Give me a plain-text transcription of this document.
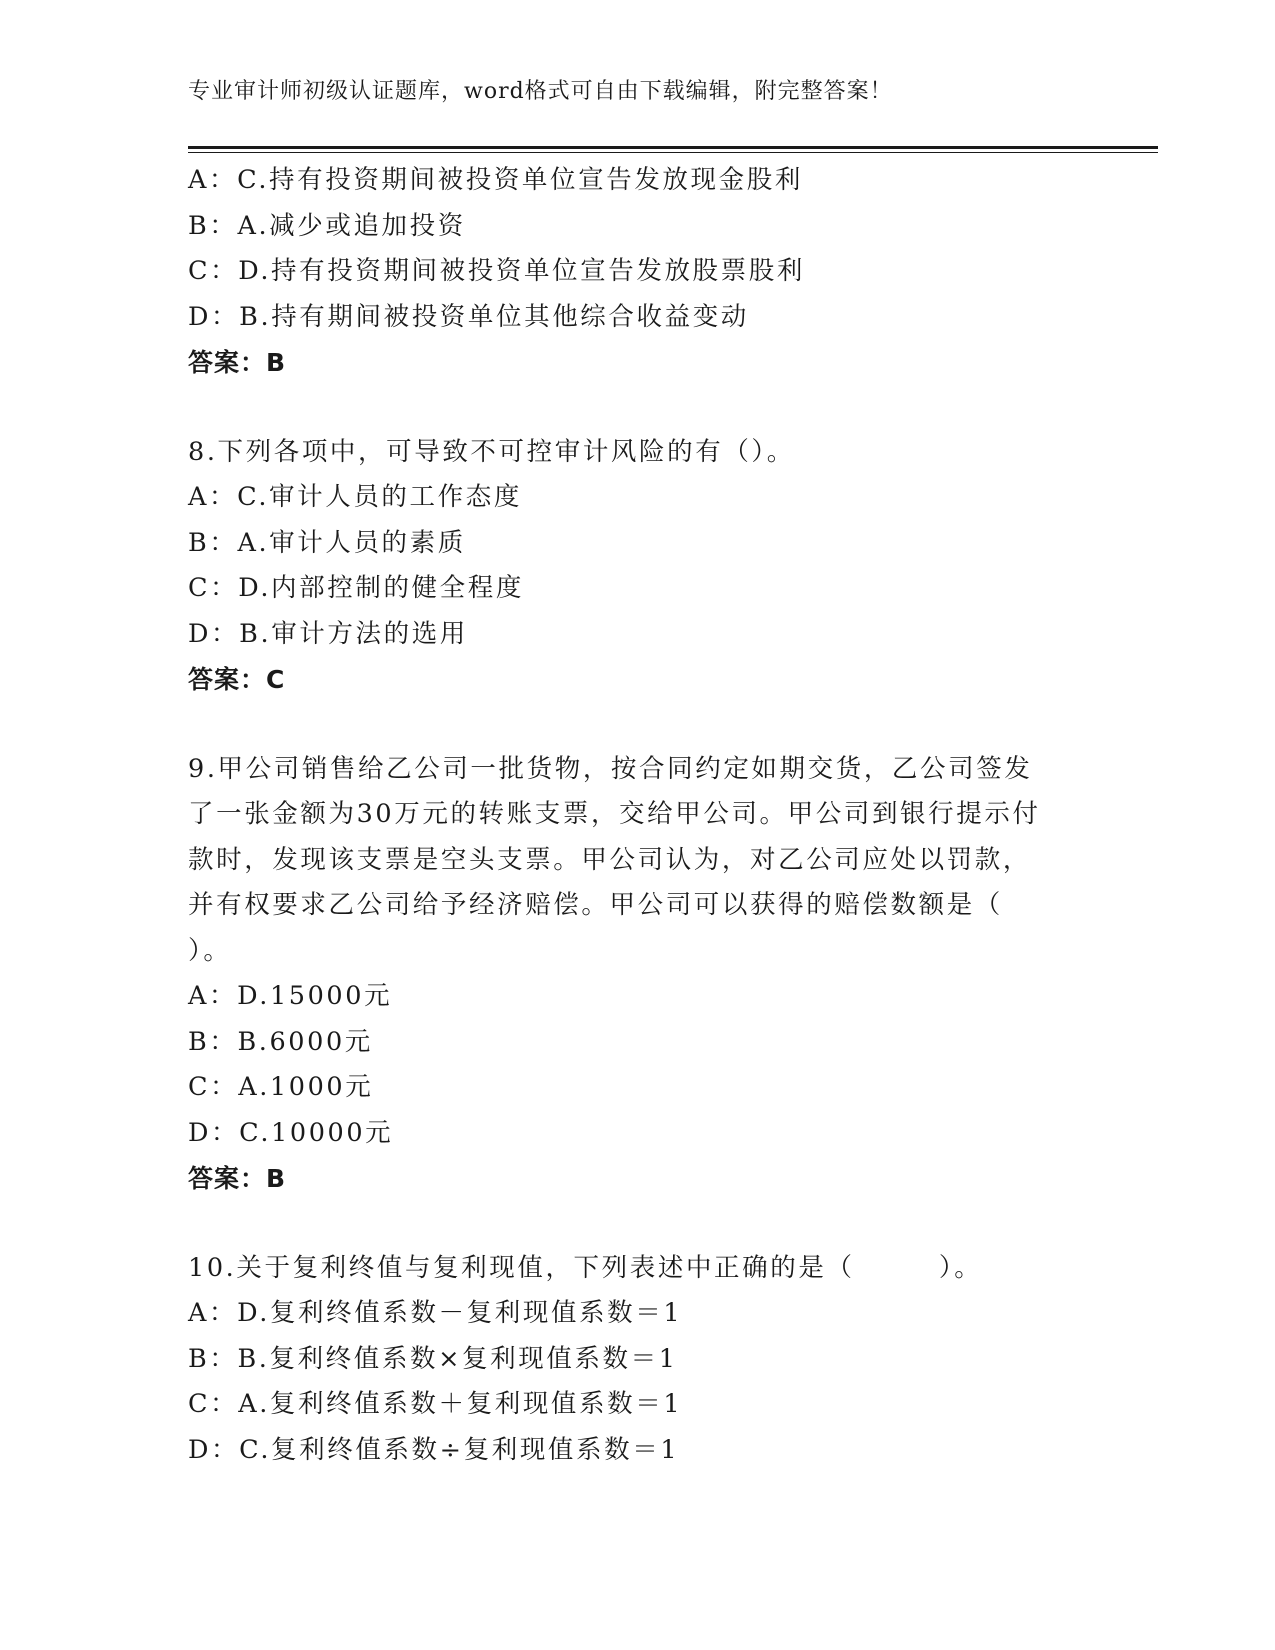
专业审计师初级认证题库，word格式可自由下载编辑，附完整答案！
A：C.持有投资期间被投资单位宣告发放现金股利
B：A.减少或追加投资
C：D.持有投资期间被投资单位宣告发放股票股利
D：B.持有期间被投资单位其他综合收益变动
答案：B
8.下列各项中，可导致不可控审计风险的有（）。
A：C.审计人员的工作态度
B：A.审计人员的素质
C：D.内部控制的健全程度
D：B.审计方法的选用
答案：C
9.甲公司销售给乙公司一批货物，按合同约定如期交货，乙公司签发
了一张金额为30万元的转账支票，交给甲公司。甲公司到银行提示付
款时，发现该支票是空头支票。甲公司认为，对乙公司应处以罚款，
并有权要求乙公司给予经济赔偿。甲公司可以获得的赔偿数额是（
）。
A：D.15000元
B：B.6000元
C：A.1000元
D：C.10000元
答案：B
10.关于复利终值与复利现值，下列表述中正确的是（　　　）。
A：D.复利终值系数－复利现值系数＝1
B：B.复利终值系数×复利现值系数＝1
C：A.复利终值系数＋复利现值系数＝1
D：C.复利终值系数÷复利现值系数＝1
